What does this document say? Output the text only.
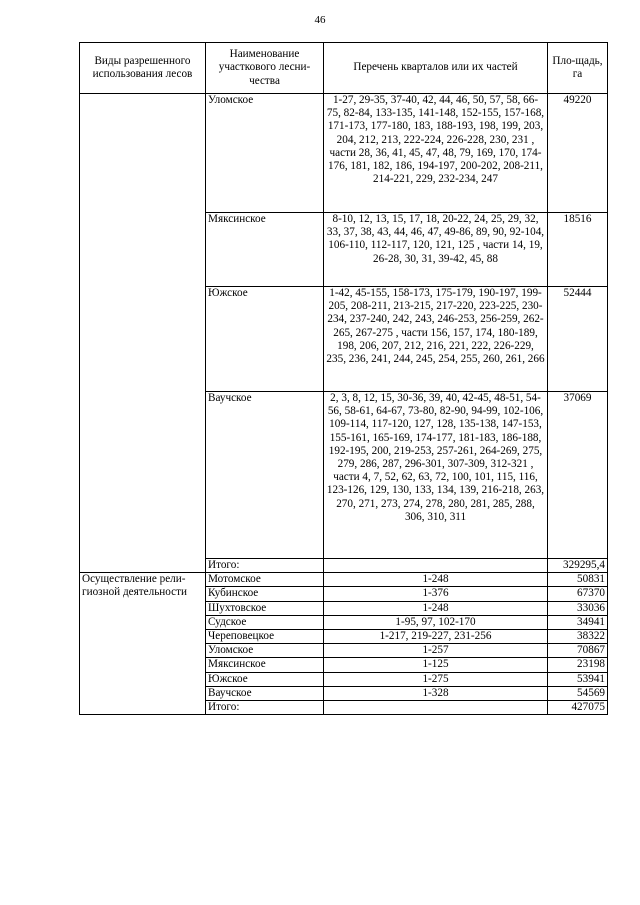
46
Виды разрешенного использования лесов	Наименование участкового лесни-чества	Перечень кварталов или их частей	Пло-щадь, га
	Уломское	1-27, 29-35, 37-40, 42, 44, 46, 50, 57, 58, 66-75, 82-84, 133-135, 141-148, 152-155, 157-168, 171-173, 177-180, 183, 188-193, 198, 199, 203, 204, 212, 213, 222-224, 226-228, 230, 231 , части 28, 36, 41, 45, 47, 48, 79, 169, 170, 174-176, 181, 182, 186, 194-197, 200-202, 208-211, 214-221, 229, 232-234, 247	49220
	Мяксинское	8-10, 12, 13, 15, 17, 18, 20-22, 24, 25, 29, 32, 33, 37, 38, 43, 44, 46, 47, 49-86, 89, 90, 92-104, 106-110, 112-117, 120, 121, 125 , части 14, 19, 26-28, 30, 31, 39-42, 45, 88	18516
	Южское	1-42, 45-155, 158-173, 175-179, 190-197, 199-205, 208-211, 213-215, 217-220, 223-225, 230-234, 237-240, 242, 243, 246-253, 256-259, 262-265, 267-275 , части 156, 157, 174, 180-189, 198, 206, 207, 212, 216, 221, 222, 226-229, 235, 236, 241, 244, 245, 254, 255, 260, 261, 266	52444
	Ваучское	2, 3, 8, 12, 15, 30-36, 39, 40, 42-45, 48-51, 54-56, 58-61, 64-67, 73-80, 82-90, 94-99, 102-106, 109-114, 117-120, 127, 128, 135-138, 147-153, 155-161, 165-169, 174-177, 181-183, 186-188, 192-195, 200, 219-253, 257-261, 264-269, 275, 279, 286, 287, 296-301, 307-309, 312-321 , части 4, 7, 52, 62, 63, 72, 100, 101, 115, 116, 123-126, 129, 130, 133, 134, 139, 216-218, 263, 270, 271, 273, 274, 278, 280, 281, 285, 288, 306, 310, 311	37069
	Итого:		329295,4
Осуществление рели-гиозной деятельности	Мотомское	1-248	50831
	Кубинское	1-376	67370
	Шухтовское	1-248	33036
	Судское	1-95, 97, 102-170	34941
	Череповецкое	1-217, 219-227, 231-256	38322
	Уломское	1-257	70867
	Мяксинское	1-125	23198
	Южское	1-275	53941
	Ваучское	1-328	54569
	Итого:		427075
